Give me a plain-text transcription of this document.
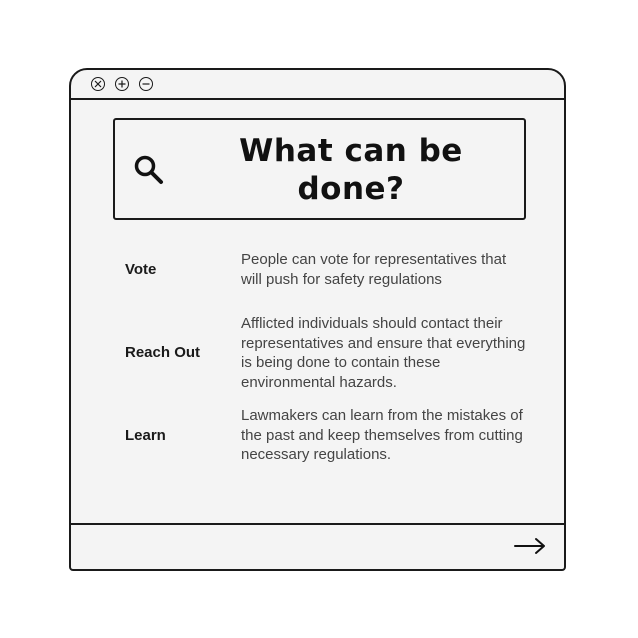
What can be done?
Vote
People can vote for representatives that will push for safety regulations
Reach Out
Afflicted individuals should contact their representatives and ensure that everything is being done to contain these environmental hazards.
Learn
Lawmakers can learn from the mistakes of the past and keep themselves from cutting necessary regulations.
